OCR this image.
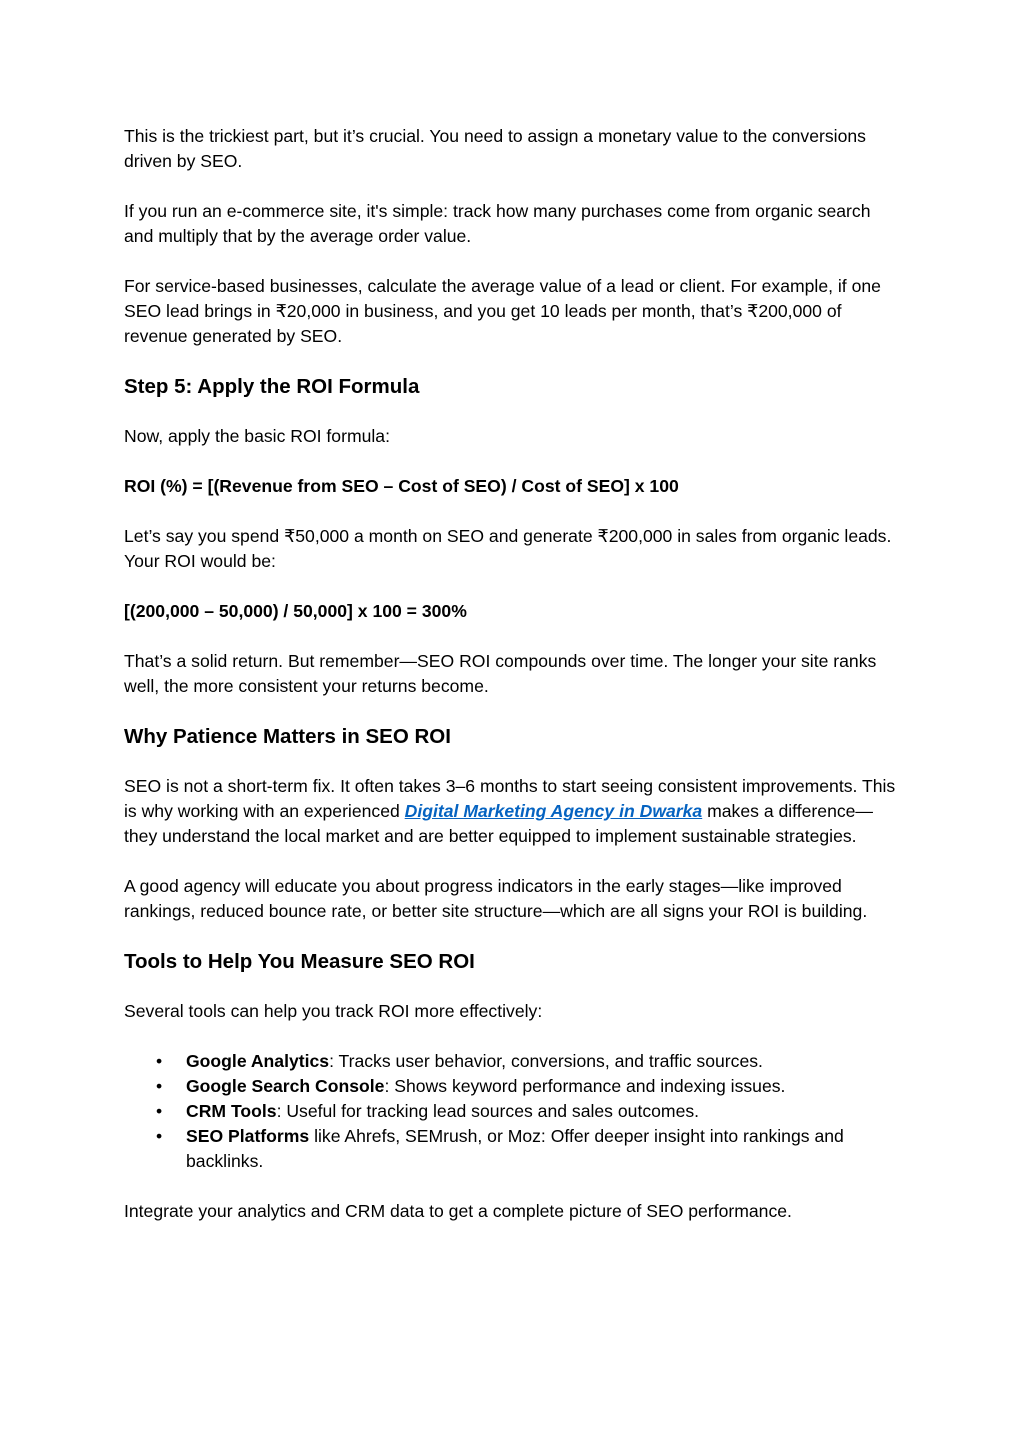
This is the trickiest part, but it’s crucial. You need to assign a monetary value to the conversions driven by SEO.

If you run an e-commerce site, it's simple: track how many purchases come from organic search and multiply that by the average order value.

For service-based businesses, calculate the average value of a lead or client. For example, if one SEO lead brings in ₹20,000 in business, and you get 10 leads per month, that’s ₹200,000 of revenue generated by SEO.

Step 5: Apply the ROI Formula

Now, apply the basic ROI formula:

ROI (%) = [(Revenue from SEO – Cost of SEO) / Cost of SEO] x 100

Let’s say you spend ₹50,000 a month on SEO and generate ₹200,000 in sales from organic leads. Your ROI would be:

[(200,000 – 50,000) / 50,000] x 100 = 300%

That’s a solid return. But remember—SEO ROI compounds over time. The longer your site ranks well, the more consistent your returns become.

Why Patience Matters in SEO ROI

SEO is not a short-term fix. It often takes 3–6 months to start seeing consistent improvements. This is why working with an experienced Digital Marketing Agency in Dwarka makes a difference—they understand the local market and are better equipped to implement sustainable strategies.

A good agency will educate you about progress indicators in the early stages—like improved rankings, reduced bounce rate, or better site structure—which are all signs your ROI is building.

Tools to Help You Measure SEO ROI

Several tools can help you track ROI more effectively:

• Google Analytics: Tracks user behavior, conversions, and traffic sources.
• Google Search Console: Shows keyword performance and indexing issues.
• CRM Tools: Useful for tracking lead sources and sales outcomes.
• SEO Platforms like Ahrefs, SEMrush, or Moz: Offer deeper insight into rankings and backlinks.

Integrate your analytics and CRM data to get a complete picture of SEO performance.
